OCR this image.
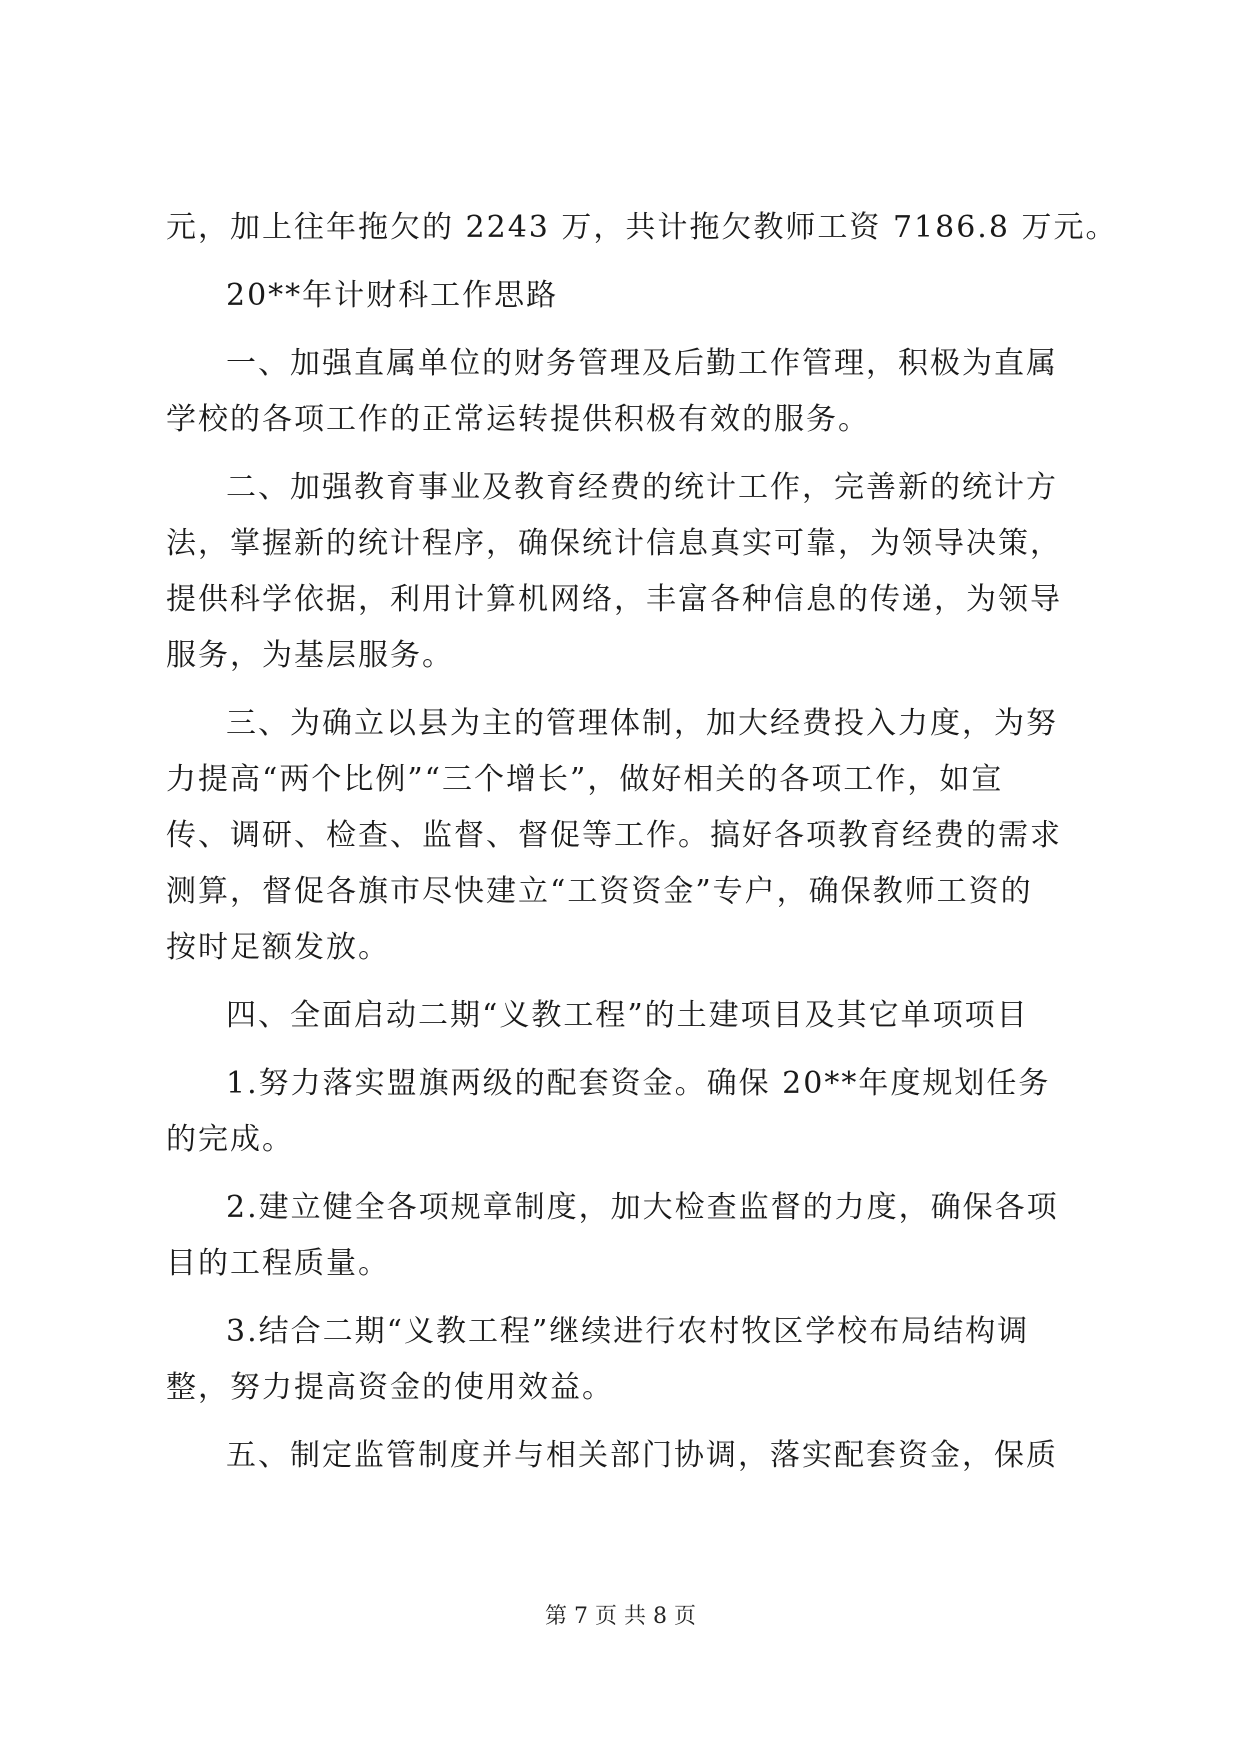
元，加上往年拖欠的 2243 万，共计拖欠教师工资 7186.8 万元。
20**年计财科工作思路
一、加强直属单位的财务管理及后勤工作管理，积极为直属
学校的各项工作的正常运转提供积极有效的服务。
二、加强教育事业及教育经费的统计工作，完善新的统计方
法，掌握新的统计程序，确保统计信息真实可靠，为领导决策，
提供科学依据，利用计算机网络，丰富各种信息的传递，为领导
服务，为基层服务。
三、为确立以县为主的管理体制，加大经费投入力度，为努
力提高“两个比例”“三个增长”，做好相关的各项工作，如宣
传、调研、检查、监督、督促等工作。搞好各项教育经费的需求
测算，督促各旗市尽快建立“工资资金”专户，确保教师工资的
按时足额发放。
四、全面启动二期“义教工程”的土建项目及其它单项项目
1.努力落实盟旗两级的配套资金。确保 20**年度规划任务
的完成。
2.建立健全各项规章制度，加大检查监督的力度，确保各项
目的工程质量。
3.结合二期“义教工程”继续进行农村牧区学校布局结构调
整，努力提高资金的使用效益。
五、制定监管制度并与相关部门协调，落实配套资金，保质
第 7 页 共 8 页
